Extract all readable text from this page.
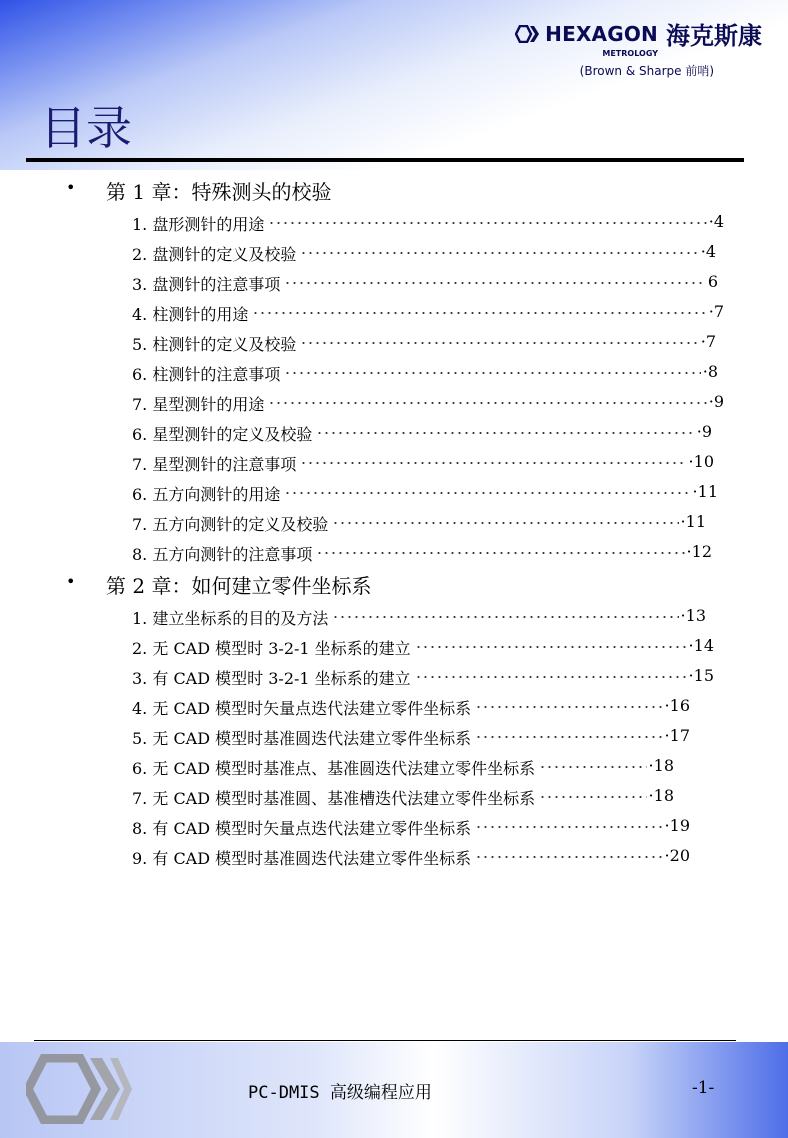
HEXAGON 海克斯康
METROLOGY
(Brown & Sharpe 前哨)
目录
• 第 1 章：特殊测头的校验
1. 盘形测针的用途	·4
2. 盘测针的定义及校验	·4
3. 盘测针的注意事项	6
4. 柱测针的用途	·7
5. 柱测针的定义及校验	·7
6. 柱测针的注意事项	·8
7. 星型测针的用途	·9
6. 星型测针的定义及校验	·9
7. 星型测针的注意事项	·10
6. 五方向测针的用途	·11
7. 五方向测针的定义及校验	·11
8. 五方向测针的注意事项	·12
• 第 2 章：如何建立零件坐标系
1. 建立坐标系的目的及方法	·13
2. 无 CAD 模型时 3-2-1 坐标系的建立	·14
3. 有 CAD 模型时 3-2-1 坐标系的建立	·15
4. 无 CAD 模型时矢量点迭代法建立零件坐标系	·16
5. 无 CAD 模型时基准圆迭代法建立零件坐标系	·17
6. 无 CAD 模型时基准点、基准圆迭代法建立零件坐标系	·18
7. 无 CAD 模型时基准圆、基准槽迭代法建立零件坐标系	·18
8. 有 CAD 模型时矢量点迭代法建立零件坐标系	·19
9. 有 CAD 模型时基准圆迭代法建立零件坐标系	·20
PC-DMIS 高级编程应用	-1-
